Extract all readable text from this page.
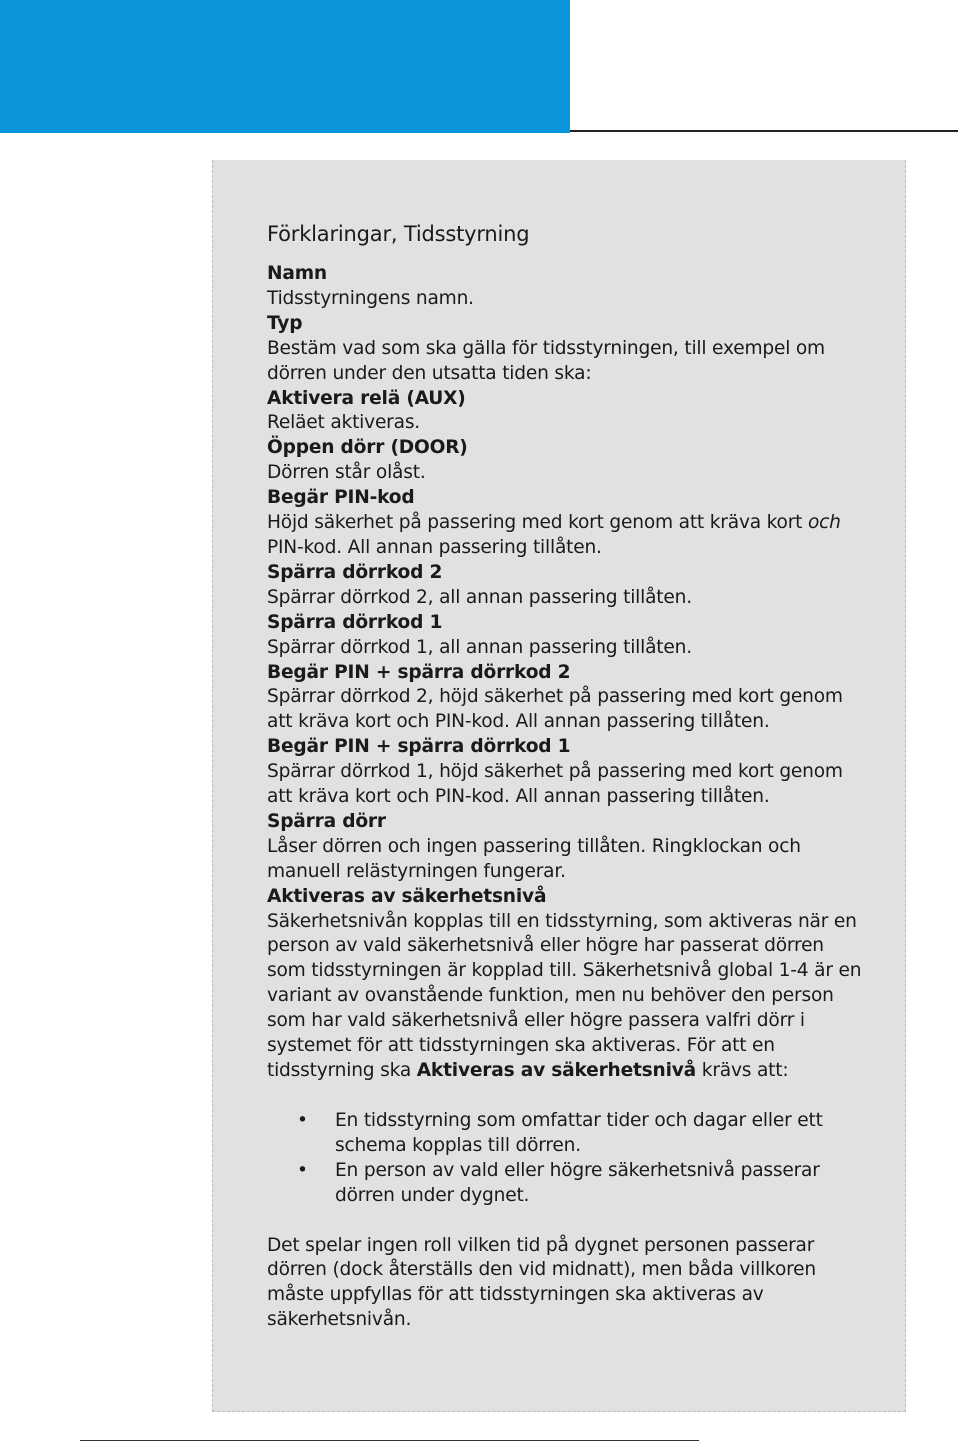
Förklaringar, Tidsstyrning
Namn

Tidsstyrningens namn.

Typ

Bestäm vad som ska gälla för tidsstyrningen, till exempel om dörren under den utsatta tiden ska:

Aktivera relä (AUX)

Reläet aktiveras.

Öppen dörr (DOOR)

Dörren står olåst.

Begär PIN-kod

Höjd säkerhet på passering med kort genom att kräva kort och PIN-kod. All annan passering tillåten.

Spärra dörrkod 2

Spärrar dörrkod 2, all annan passering tillåten.

Spärra dörrkod 1

Spärrar dörrkod 1, all annan passering tillåten.

Begär PIN + spärra dörrkod 2

Spärrar dörrkod 2, höjd säkerhet på passering med kort genom att kräva kort och PIN-kod. All annan passering tillåten.

Begär PIN + spärra dörrkod 1

Spärrar dörrkod 1, höjd säkerhet på passering med kort genom att kräva kort och PIN-kod. All annan passering tillåten.

Spärra dörr

Låser dörren och ingen passering tillåten. Ringklockan och manuell relästyrningen fungerar.

Aktiveras av säkerhetsnivå

Säkerhetsnivån kopplas till en tidsstyrning, som aktiveras när en person av vald säkerhetsnivå eller högre har passerat dörren som tidsstyrningen är kopplad till. Säkerhetsnivå global 1-4 är en variant av ovanstående funktion, men nu behöver den person som har vald säkerhetsnivå eller högre passera valfri dörr i systemet för att tidsstyrningen ska aktiveras. För att en tidsstyrning ska Aktiveras av säkerhetsnivå krävs att:

• En tidsstyrning som omfattar tider och dagar eller ett schema kopplas till dörren.
• En person av vald eller högre säkerhetsnivå passerar dörren under dygnet.

Det spelar ingen roll vilken tid på dygnet personen passerar dörren (dock återställs den vid midnatt), men båda villkoren måste uppfyllas för att tidsstyrningen ska aktiveras av säkerhetsnivån.
